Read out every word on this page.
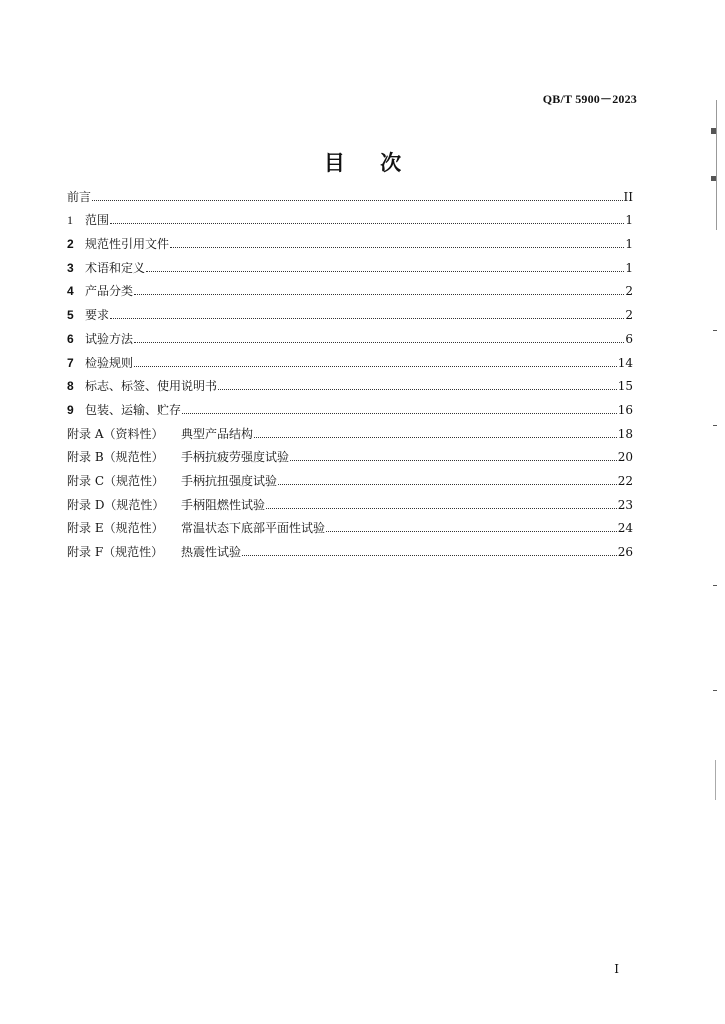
QB/T 5900－2023
目 次
前言	II
1 范围	1
2 规范性引用文件	1
3 术语和定义	1
4 产品分类	2
5 要求	2
6 试验方法	6
7 检验规则	14
8 标志、标签、使用说明书	15
9 包装、运输、贮存	16
附录 A（资料性） 典型产品结构	18
附录 B（规范性） 手柄抗疲劳强度试验	20
附录 C（规范性） 手柄抗扭强度试验	22
附录 D（规范性） 手柄阻燃性试验	23
附录 E（规范性） 常温状态下底部平面性试验	24
附录 F（规范性） 热震性试验	26
I
